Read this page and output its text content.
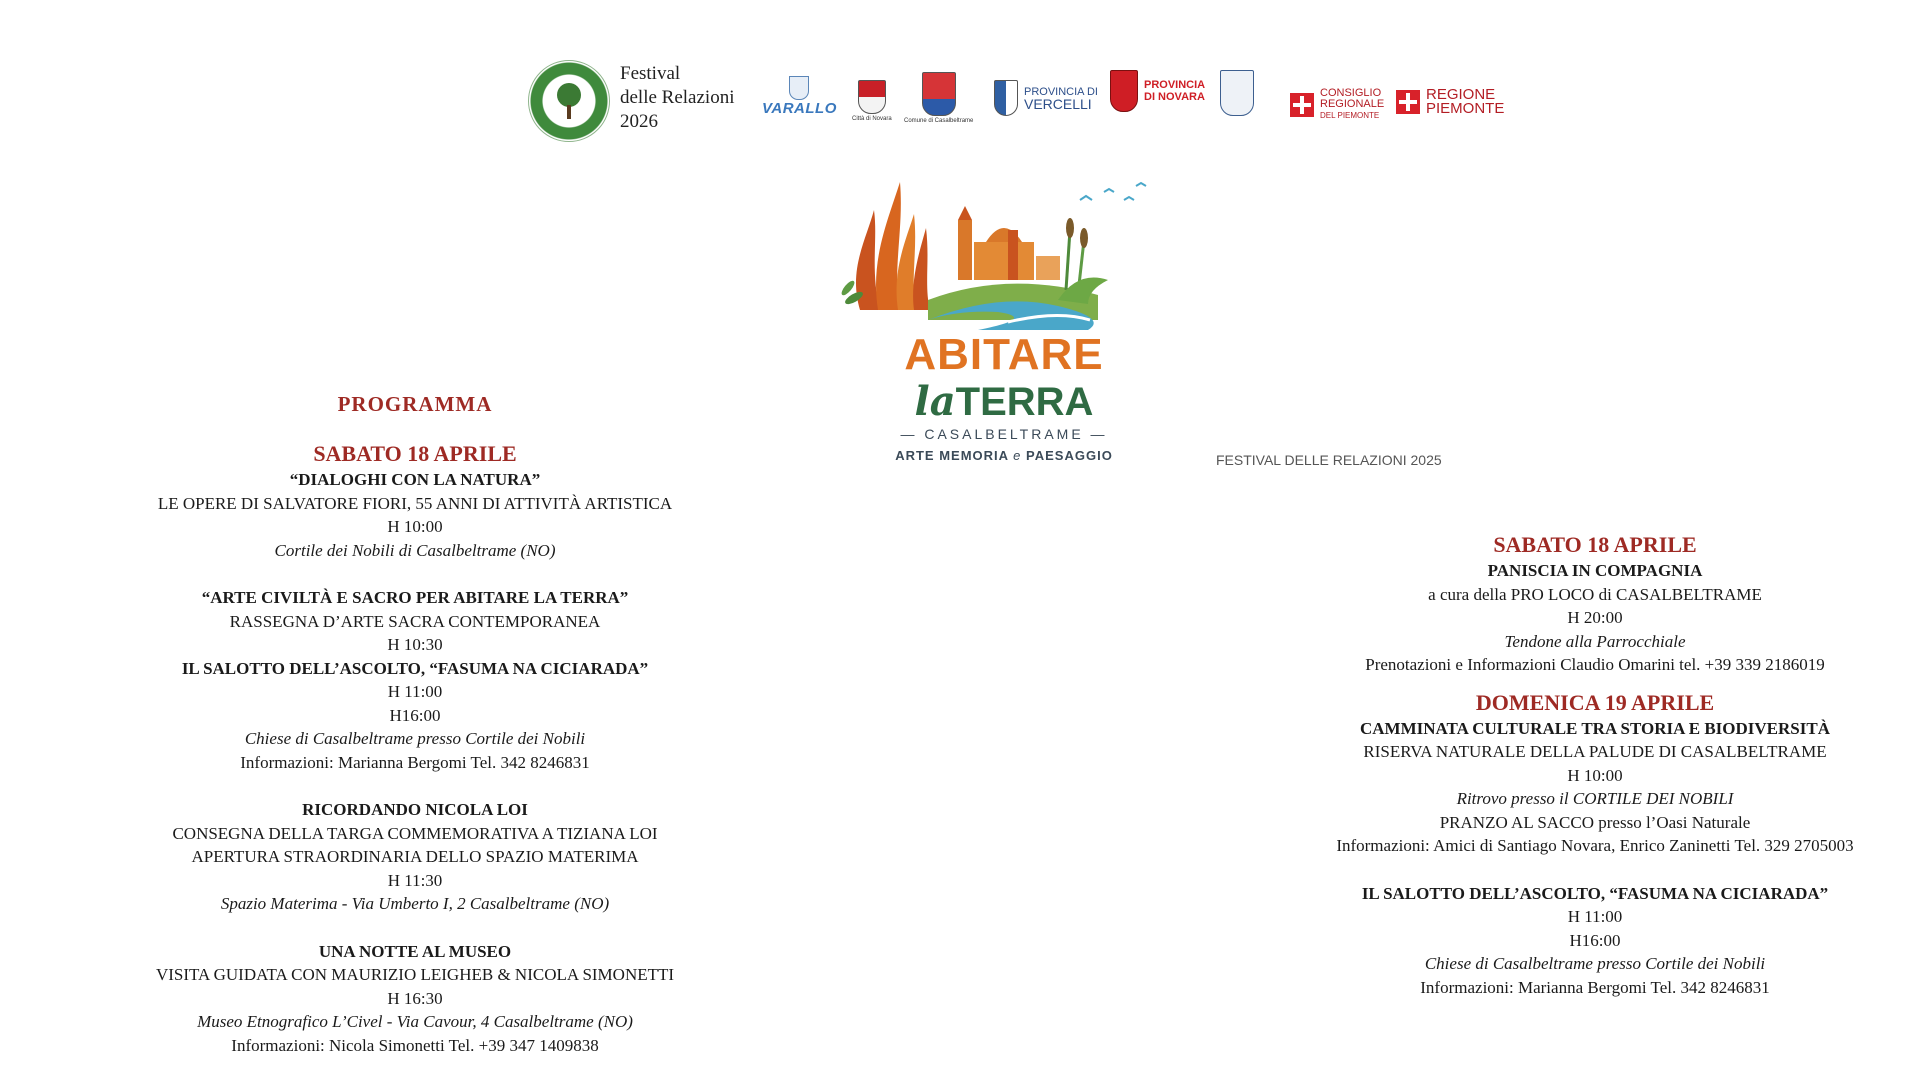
Festival
delle Relazioni
2026
VARALLO
Città di Novara Comune di Casalbeltrame
PROVINCIA DI
VERCELLI
PROVINCIA
DI NOVARA	CONSIGLIO
REGIONALE
DEL PIEMONTE
REGIONE
PIEMONTE
ABITARE
laTERRA
— CASALBELTRAME —
ARTE MEMORIA e PAESAGGIO	FESTIVAL DELLE RELAZIONI 2025
PROGRAMMA
SABATO 18 APRILE
“DIALOGHI CON LA NATURA”
LE OPERE DI SALVATORE FIORI, 55 ANNI DI ATTIVITÀ ARTISTICA
H 10:00
Cortile dei Nobili di Casalbeltrame (NO)
“ARTE CIVILTÀ E SACRO PER ABITARE LA TERRA”
RASSEGNA D’ARTE SACRA CONTEMPORANEA
H 10:30
IL SALOTTO DELL’ASCOLTO, “FASUMA NA CICIARADA”
H 11:00
H16:00
Chiese di Casalbeltrame presso Cortile dei Nobili
Informazioni: Marianna Bergomi Tel. 342 8246831
RICORDANDO NICOLA LOI
CONSEGNA DELLA TARGA COMMEMORATIVA A TIZIANA LOI
APERTURA STRAORDINARIA DELLO SPAZIO MATERIMA
H 11:30
Spazio Materima - Via Umberto I, 2 Casalbeltrame (NO)
UNA NOTTE AL MUSEO
VISITA GUIDATA CON MAURIZIO LEIGHEB & NICOLA SIMONETTI
H 16:30
Museo Etnografico L’Civel - Via Cavour, 4 Casalbeltrame (NO)
Informazioni: Nicola Simonetti Tel. +39 347 1409838
SABATO 18 APRILE
PANISCIA IN COMPAGNIA
a cura della PRO LOCO di CASALBELTRAME
H 20:00
Tendone alla Parrocchiale
Prenotazioni e Informazioni Claudio Omarini tel. +39 339 2186019
DOMENICA 19 APRILE
CAMMINATA CULTURALE TRA STORIA E BIODIVERSITÀ
RISERVA NATURALE DELLA PALUDE DI CASALBELTRAME
H 10:00
Ritrovo presso il CORTILE DEI NOBILI
PRANZO AL SACCO presso l’Oasi Naturale
Informazioni: Amici di Santiago Novara, Enrico Zaninetti Tel. 329 2705003
IL SALOTTO DELL’ASCOLTO, “FASUMA NA CICIARADA”
H 11:00
H16:00
Chiese di Casalbeltrame presso Cortile dei Nobili
Informazioni: Marianna Bergomi Tel. 342 8246831
